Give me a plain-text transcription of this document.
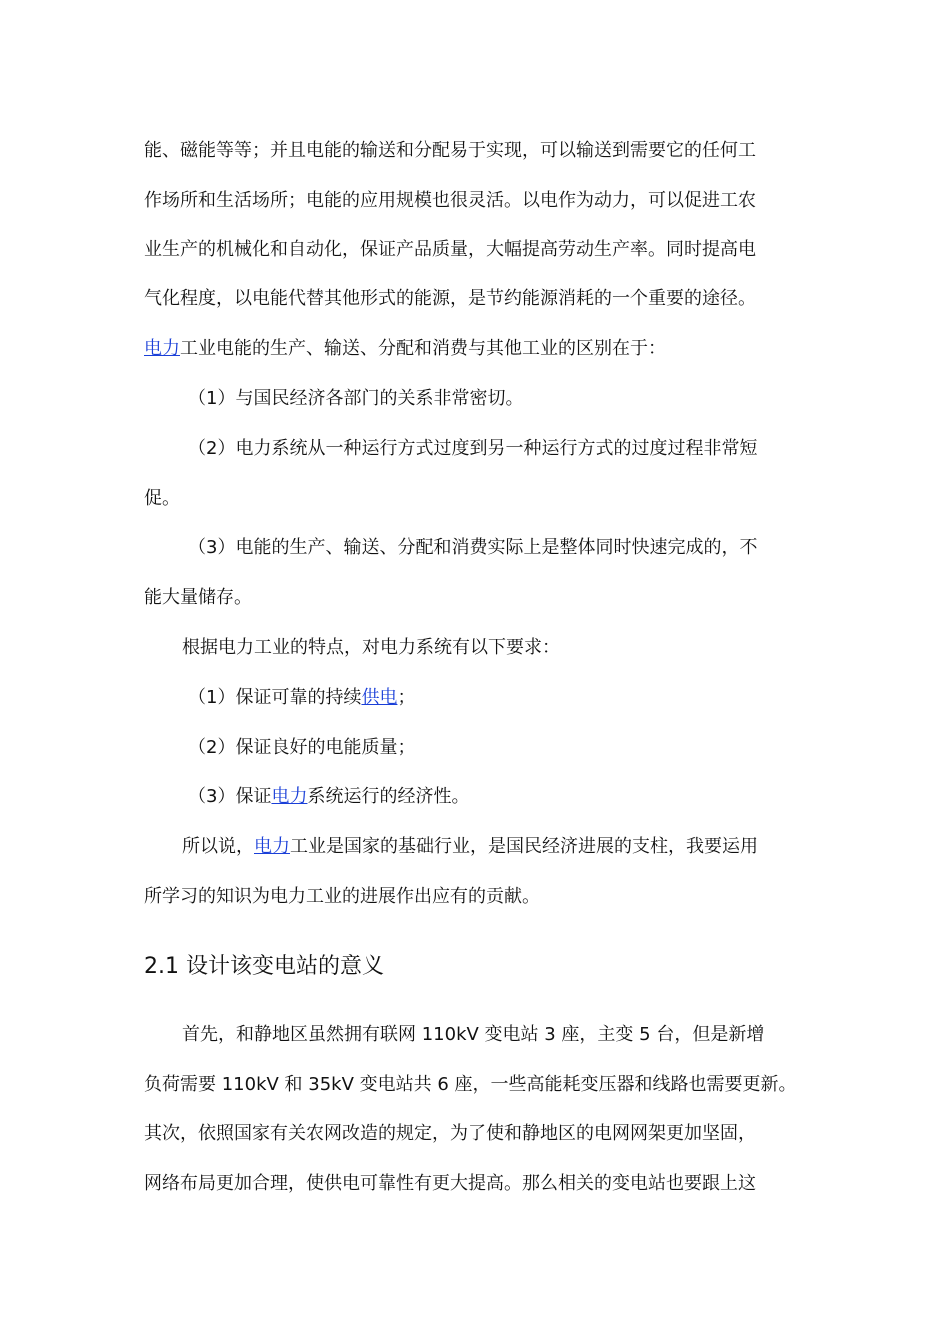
能、磁能等等；并且电能的输送和分配易于实现，可以输送到需要它的任何工
作场所和生活场所；电能的应用规模也很灵活。以电作为动力，可以促进工农
业生产的机械化和自动化，保证产品质量，大幅提高劳动生产率。同时提高电
气化程度，以电能代替其他形式的能源，是节约能源消耗的一个重要的途径。
电力工业电能的生产、输送、分配和消费与其他工业的区别在于：
（1）与国民经济各部门的关系非常密切。
（2）电力系统从一种运行方式过度到另一种运行方式的过度过程非常短
促。
（3）电能的生产、输送、分配和消费实际上是整体同时快速完成的，不
能大量储存。
根据电力工业的特点，对电力系统有以下要求：
（1）保证可靠的持续供电；
（2）保证良好的电能质量；
（3）保证电力系统运行的经济性。
所以说，电力工业是国家的基础行业，是国民经济进展的支柱，我要运用
所学习的知识为电力工业的进展作出应有的贡献。
2.1 设计该变电站的意义
首先，和静地区虽然拥有联网 110kV 变电站 3 座，主变 5 台，但是新增
负荷需要 110kV 和 35kV 变电站共 6 座，一些高能耗变压器和线路也需要更新。
其次，依照国家有关农网改造的规定，为了使和静地区的电网网架更加坚固，
网络布局更加合理，使供电可靠性有更大提高。那么相关的变电站也要跟上这
